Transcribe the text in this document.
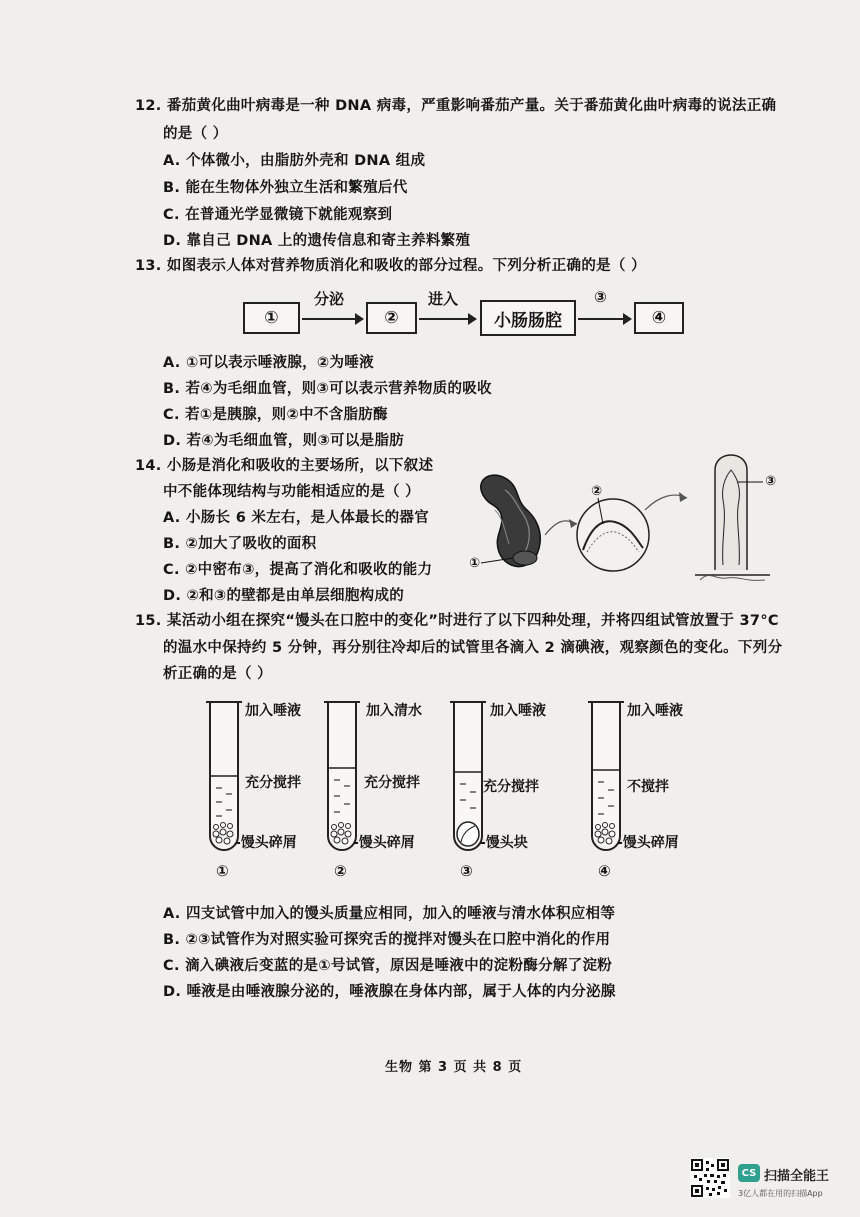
12. 番茄黄化曲叶病毒是一种 DNA 病毒，严重影响番茄产量。关于番茄黄化曲叶病毒的说法正确
的是（ ）
A. 个体微小，由脂肪外壳和 DNA 组成
B. 能在生物体外独立生活和繁殖后代
C. 在普通光学显微镜下就能观察到
D. 靠自己 DNA 上的遗传信息和寄主养料繁殖
13. 如图表示人体对营养物质消化和吸收的部分过程。下列分析正确的是（ ）
①
分泌
②
进入
小肠肠腔
③
④
A. ①可以表示唾液腺，②为唾液
B. 若④为毛细血管，则③可以表示营养物质的吸收
C. 若①是胰腺，则②中不含脂肪酶
D. 若④为毛细血管，则③可以是脂肪
14. 小肠是消化和吸收的主要场所，以下叙述
中不能体现结构与功能相适应的是（ ）
A. 小肠长 6 米左右，是人体最长的器官
B. ②加大了吸收的面积
C. ②中密布③，提高了消化和吸收的能力
D. ②和③的壁都是由单层细胞构成的
①
②
③
15. 某活动小组在探究“馒头在口腔中的变化”时进行了以下四种处理，并将四组试管放置于 37°C
的温水中保持约 5 分钟，再分别往冷却后的试管里各滴入 2 滴碘液，观察颜色的变化。下列分
析正确的是（ ）
加入唾液
充分搅拌
-馒头碎屑
①
加入清水
充分搅拌
-馒头碎屑
②
加入唾液
充分搅拌
-馒头块
③
加入唾液
不搅拌
-馒头碎屑
④
A. 四支试管中加入的馒头质量应相同，加入的唾液与清水体积应相等
B. ②③试管作为对照实验可探究舌的搅拌对馒头在口腔中消化的作用
C. 滴入碘液后变蓝的是①号试管，原因是唾液中的淀粉酶分解了淀粉
D. 唾液是由唾液腺分泌的，唾液腺在身体内部，属于人体的内分泌腺
生物 第 3 页 共 8 页
CS 扫描全能王
3亿人都在用的扫描App
